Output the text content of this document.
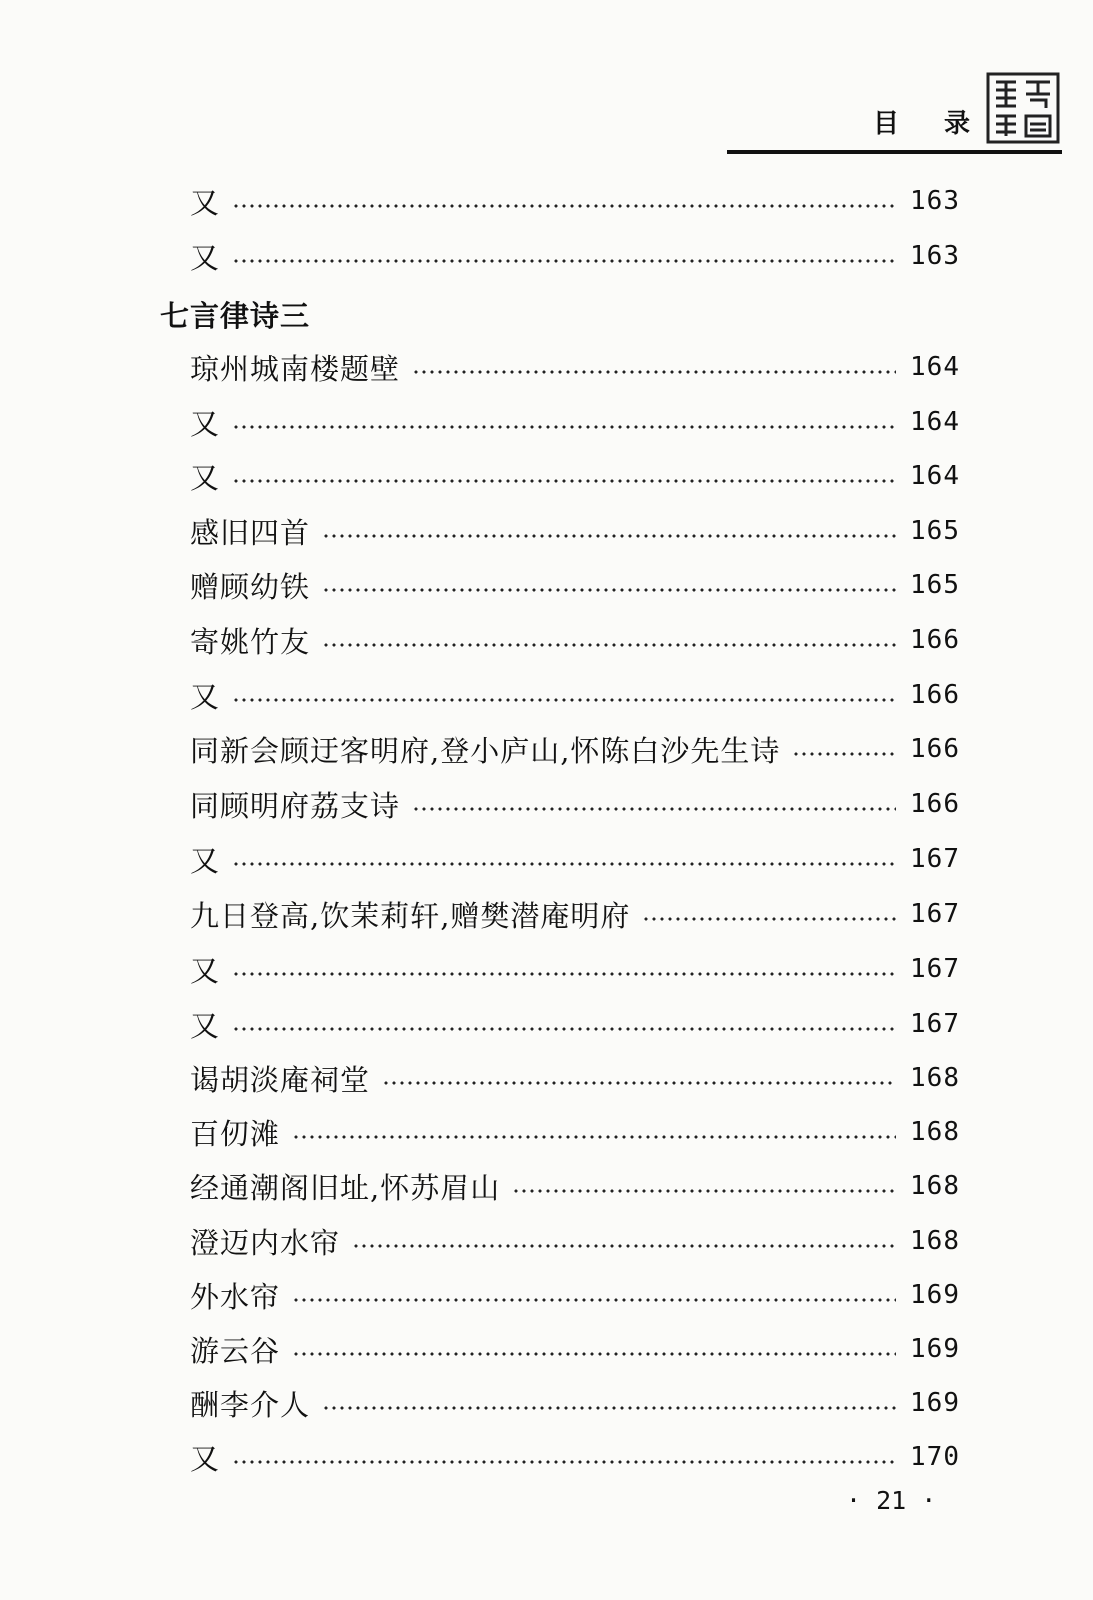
目 录
又	163
又	163
七言律诗三
琼州城南楼题壁	164
又	164
又	164
感旧四首	165
赠顾幼铁	165
寄姚竹友	166
又	166
同新会顾迂客明府,登小庐山,怀陈白沙先生诗	166
同顾明府荔支诗	166
又	167
九日登高,饮茉莉轩,赠樊潜庵明府	167
又	167
又	167
谒胡淡庵祠堂	168
百仞滩	168
经通潮阁旧址,怀苏眉山	168
澄迈内水帘	168
外水帘	169
游云谷	169
酬李介人	169
又	170
· 21 ·
